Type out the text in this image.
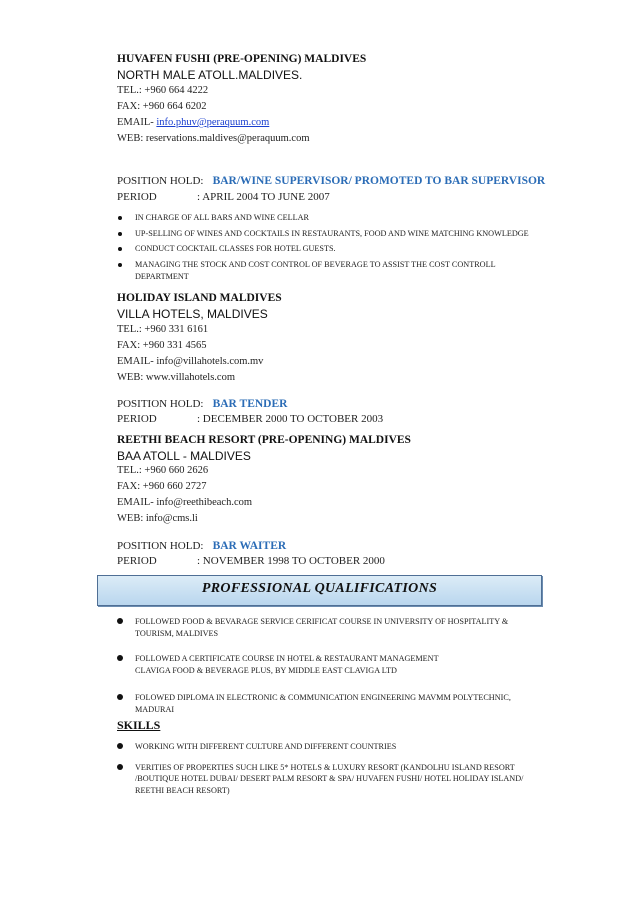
HUVAFEN FUSHI (PRE-OPENING) MALDIVES
NORTH MALE ATOLL.MALDIVES.
TEL.: +960 664 4222
FAX: +960 664 6202
EMAIL- info.phuv@peraquum.com
WEB: reservations.maldives@peraquum.com
POSITION HOLD: BAR/WINE SUPERVISOR/ PROMOTED TO BAR SUPERVISOR
PERIOD	: APRIL 2004 TO JUNE 2007
IN CHARGE OF ALL BARS AND WINE CELLAR
UP-SELLING OF WINES AND COCKTAILS IN RESTAURANTS, FOOD AND WINE MATCHING KNOWLEDGE
CONDUCT COCKTAIL CLASSES FOR HOTEL GUESTS.
MANAGING THE STOCK AND COST CONTROL OF BEVERAGE TO ASSIST THE COST CONTROLL DEPARTMENT
HOLIDAY ISLAND MALDIVES
VILLA HOTELS, MALDIVES
TEL.: +960 331 6161
FAX: +960 331 4565
EMAIL- info@villahotels.com.mv
WEB: www.villahotels.com
POSITION HOLD: BAR TENDER
PERIOD	: DECEMBER 2000 TO OCTOBER 2003
REETHI BEACH RESORT (PRE-OPENING) MALDIVES
BAA ATOLL - MALDIVES
TEL.: +960 660 2626
FAX: +960 660 2727
EMAIL- info@reethibeach.com
WEB: info@cms.li
POSITION HOLD: BAR WAITER
PERIOD	: NOVEMBER 1998 TO OCTOBER 2000
PROFESSIONAL QUALIFICATIONS
FOLLOWED FOOD & BEVARAGE SERVICE CERIFICAT COURSE IN UNIVERSITY OF HOSPITALITY & TOURISM, MALDIVES
FOLLOWED A CERTIFICATE COURSE IN HOTEL & RESTAURANT MANAGEMENT CLAVIGA FOOD & BEVERAGE PLUS, BY MIDDLE EAST CLAVIGA LTD
FOLOWED DIPLOMA IN ELECTRONIC & COMMUNICATION ENGINEERING MAVMM POLYTECHNIC, MADURAI
SKILLS
WORKING WITH DIFFERENT CULTURE AND DIFFERENT COUNTRIES
VERITIES OF PROPERTIES SUCH LIKE 5* HOTELS & LUXURY RESORT (KANDOLHU ISLAND RESORT /BOUTIQUE HOTEL DUBAI/ DESERT PALM RESORT & SPA/ HUVAFEN FUSHI/ HOTEL HOLIDAY ISLAND/ REETHI BEACH RESORT)
